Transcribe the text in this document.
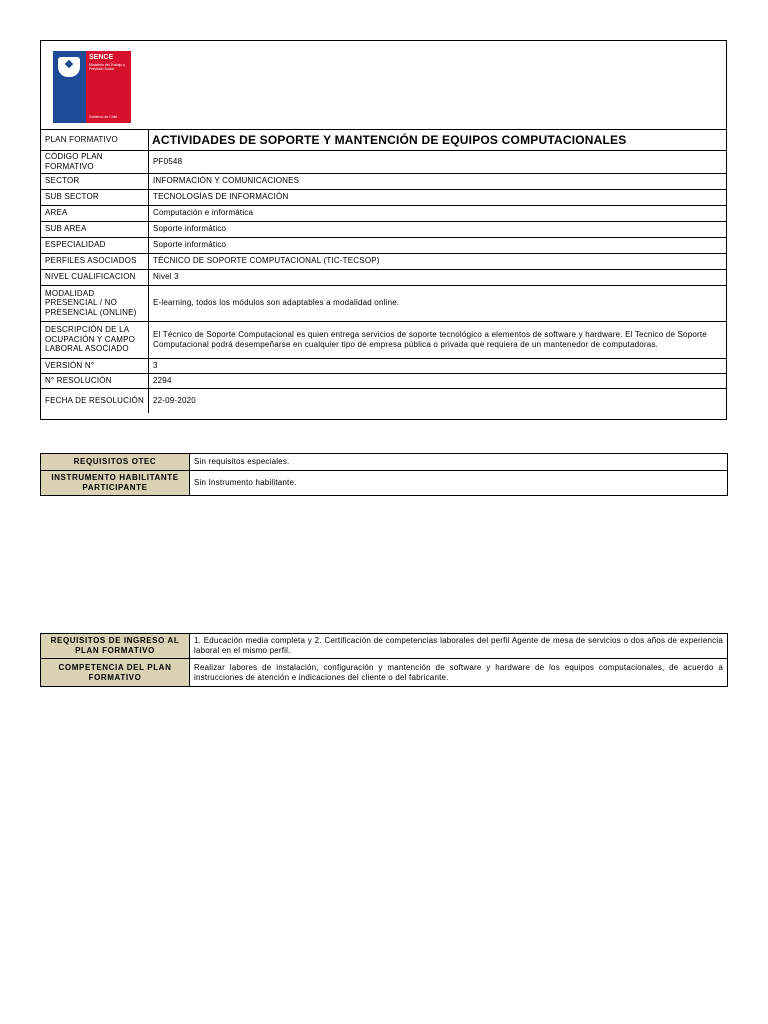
SENCE
Ministerio del Trabajo y Previsión Social
Gobierno de Chile
PLAN FORMATIVO	ACTIVIDADES DE SOPORTE Y MANTENCIÓN DE EQUIPOS COMPUTACIONALES
CÓDIGO PLAN FORMATIVO	PF0548
SECTOR	INFORMACIÓN Y COMUNICACIONES
SUB SECTOR	TECNOLOGÍAS DE INFORMACIÓN
AREA	Computación e informática
SUB AREA	Soporte informático
ESPECIALIDAD	Soporte informático
PERFILES ASOCIADOS	TÉCNICO DE SOPORTE COMPUTACIONAL (TIC-TECSOP)
NIVEL CUALIFICACION	Nivel 3
MODALIDAD PRESENCIAL / NO PRESENCIAL (ONLINE)	E-learning, todos los módulos son adaptables a modalidad online.
DESCRIPCIÓN DE LA OCUPACIÓN Y CAMPO LABORAL ASOCIADO	El Técnico de Soporte Computacional es quien entrega servicios de soporte tecnológico a elementos de software y hardware. El Tecnico de Soporte Computacional podrá desempeñarse en cualquier tipo de empresa pública o privada que requiera de un mantenedor de computadoras.
VERSIÓN N°	3
N° RESOLUCIÓN	2294
FECHA DE RESOLUCIÓN	22-09-2020
REQUISITOS OTEC	Sin requisitos especiales.
INSTRUMENTO HABILITANTE PARTICIPANTE	Sin Instrumento habilitante.
REQUISITOS DE INGRESO AL PLAN FORMATIVO	1. Educación media completa y 2. Certificación de competencias laborales del perfil Agente de mesa de servicios o dos años de experiencia laboral en el mismo perfil.
COMPETENCIA DEL PLAN FORMATIVO	Realizar labores de instalación, configuración y mantención de software y hardware de los equipos computacionales, de acuerdo a instrucciones de atención e indicaciones del cliente o del fabricante.
